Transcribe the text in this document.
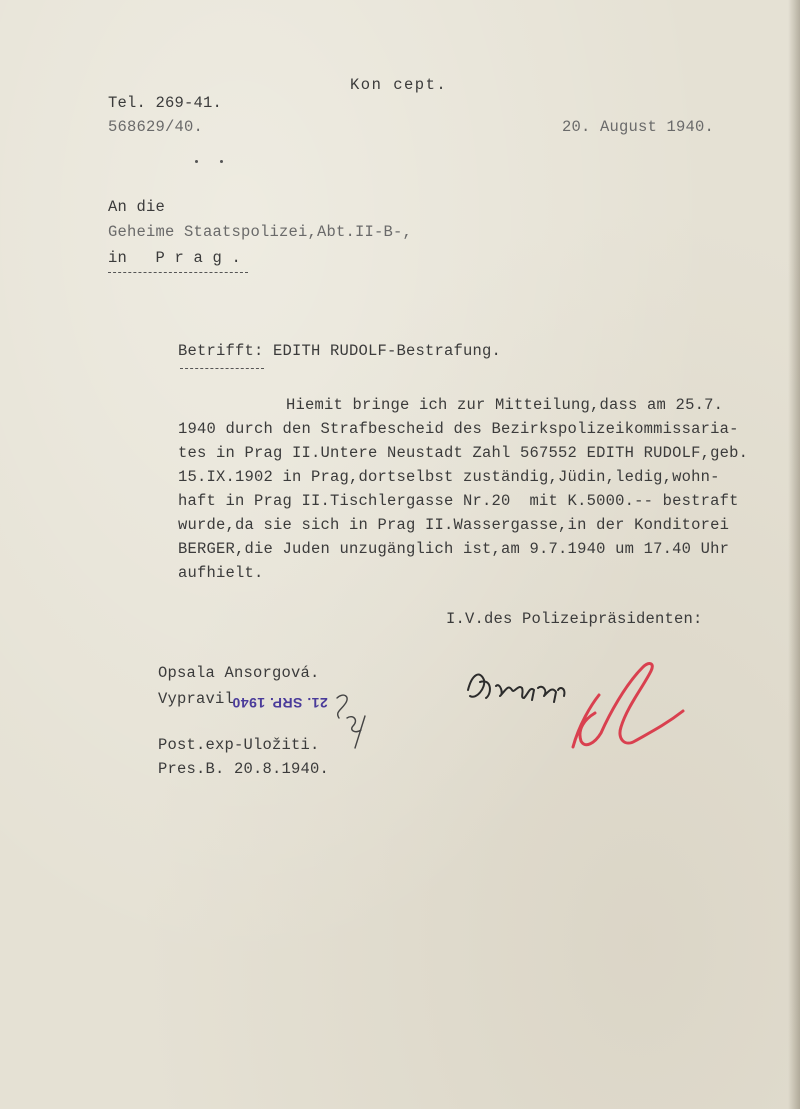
Kon cept.
Tel. 269-41.
568629/40.	20. August 1940.
An die
Geheime Staatspolizei,Abt.II-B-,
in   P r a g .
Betrifft: EDITH RUDOLF-Bestrafung.
Hiemit bringe ich zur Mitteilung,dass am 25.7.
1940 durch den Strafbescheid des Bezirkspolizeikommissaria-
tes in Prag II.Untere Neustadt Zahl 567552 EDITH RUDOLF,geb.
15.IX.1902 in Prag,dortselbst zuständig,Jüdin,ledig,wohn-
haft in Prag II.Tischlergasse Nr.20  mit K.5000.-- bestraft
wurde,da sie sich in Prag II.Wassergasse,in der Konditorei
BERGER,die Juden unzugänglich ist,am 9.7.1940 um 17.40 Uhr
aufhielt.
I.V.des Polizeipräsidenten:
Opsala Ansorgová.
Vypravil.
Post.exp-Uložiti.
Pres.B. 20.8.1940.
21. SRP. 1940
